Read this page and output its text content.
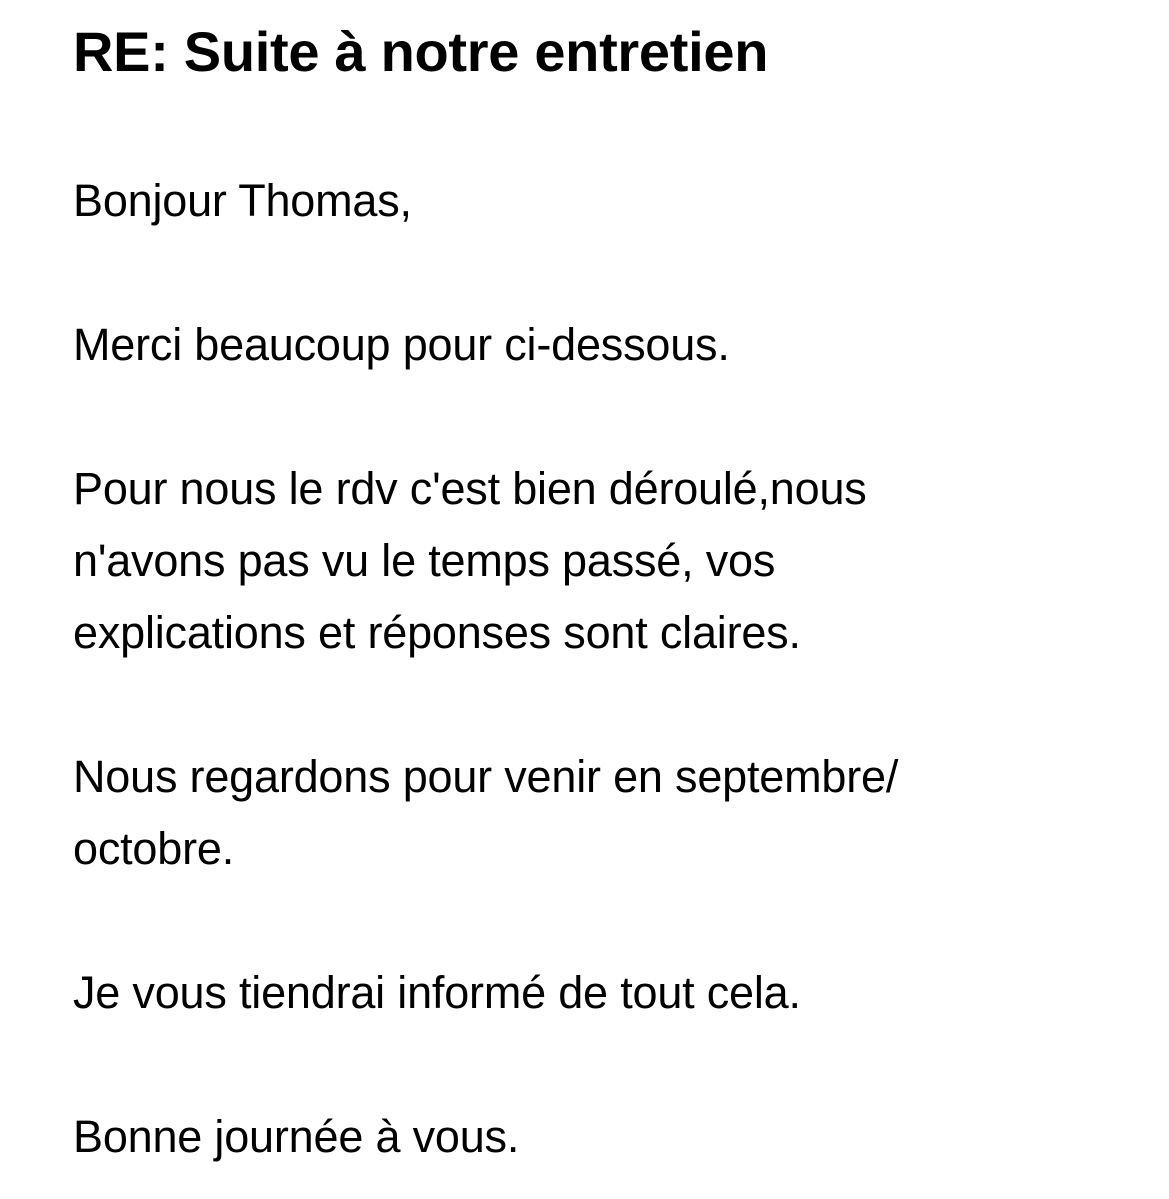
RE: Suite à notre entretien

Bonjour Thomas,

Merci beaucoup pour ci-dessous.

Pour nous le rdv c'est bien déroulé,nous
n'avons pas vu le temps passé, vos
explications et réponses sont claires.

Nous regardons pour venir en septembre/
octobre.

Je vous tiendrai informé de tout cela.

Bonne journée à vous.
